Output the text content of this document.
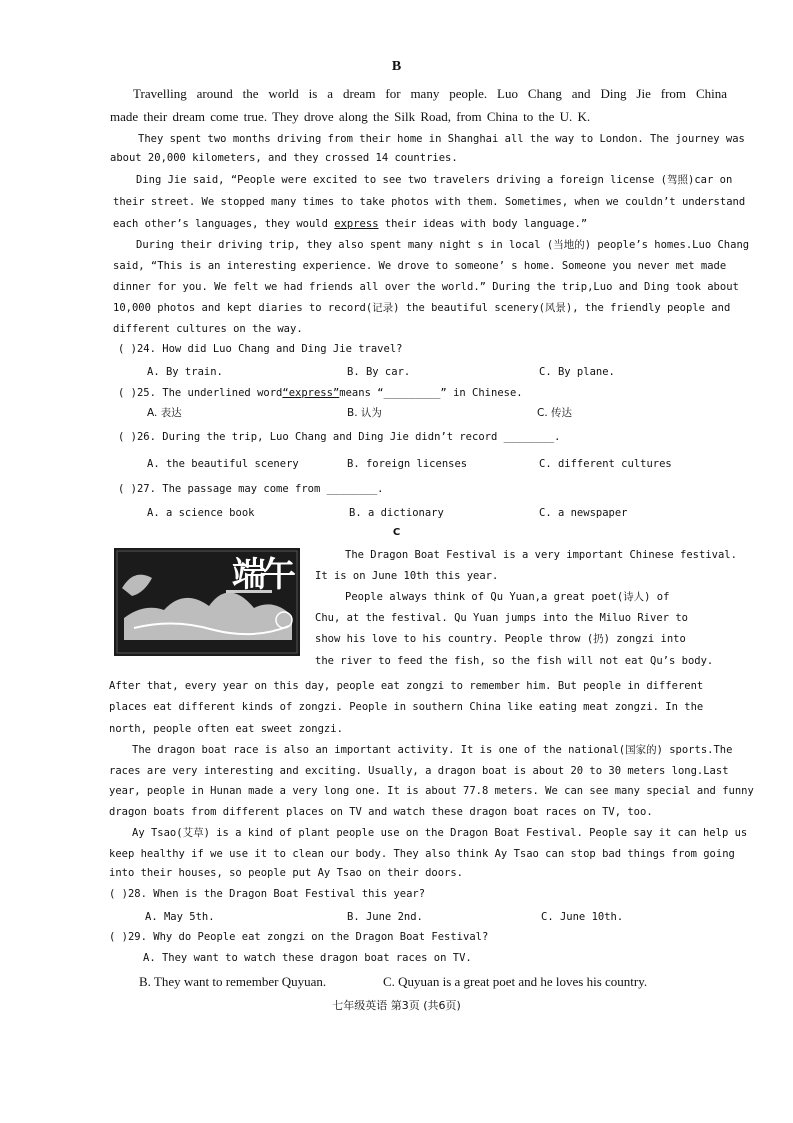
B
Travelling around the world is a dream for many people. Luo Chang and Ding Jie from China
made their dream come true. They drove along the Silk Road, from China to the U. K.
They spent two months driving from their home in Shanghai all the way to London. The journey was
about 20,000 kilometers, and they crossed 14 countries.
Ding Jie said, “People were excited to see two travelers driving a foreign license (驾照)car on
their street. We stopped many times to take photos with them. Sometimes, when we couldn’t understand
each other’s languages, they would express their ideas with body language.”
During their driving trip, they also spent many night s in local (当地的) people’s homes.Luo Chang
said, “This is an interesting experience. We drove to someone’ s home. Someone you never met made
dinner for you. We felt we had friends all over the world.” During the trip,Luo and Ding took about
10,000 photos and kept diaries to record(记录) the beautiful scenery(风景), the friendly people and
different cultures on the way.
( )24. How did Luo Chang and Ding Jie travel?
A. By train.	B. By car.	C. By plane.
( )25. The underlined word“express”means “_________” in Chinese.
A. 表达	B. 认为	C. 传达
( )26. During the trip, Luo Chang and Ding Jie didn’t record ________.
A. the beautiful scenery	B. foreign licenses	C. different cultures
( )27. The passage may come from ________.
A. a science book	B. a dictionary	C. a newspaper
C
端午	The Dragon Boat Festival is a very important Chinese festival.
It is on June 10th this year.
People always think of Qu Yuan,a great poet(诗人) of
Chu, at the festival. Qu Yuan jumps into the Miluo River to
show his love to his country. People throw (扔) zongzi into
the river to feed the fish, so the fish will not eat Qu’s body.
After that, every year on this day, people eat zongzi to remember him. But people in different
places eat different kinds of zongzi. People in southern China like eating meat zongzi. In the
north, people often eat sweet zongzi.
The dragon boat race is also an important activity. It is one of the national(国家的) sports.The
races are very interesting and exciting. Usually, a dragon boat is about 20 to 30 meters long.Last
year, people in Hunan made a very long one. It is about 77.8 meters. We can see many special and funny
dragon boats from different places on TV and watch these dragon boat races on TV, too.
Ay Tsao(艾草) is a kind of plant people use on the Dragon Boat Festival. People say it can help us
keep healthy if we use it to clean our body. They also think Ay Tsao can stop bad things from going
into their houses, so people put Ay Tsao on their doors.
( )28. When is the Dragon Boat Festival this year?
A. May 5th.	B. June 2nd.	C. June 10th.
( )29. Why do People eat zongzi on the Dragon Boat Festival?
A. They want to watch these dragon boat races on TV.
B. They want to remember Quyuan.	C. Quyuan is a great poet and he loves his country.
七年级英语 第3页 (共6页)
